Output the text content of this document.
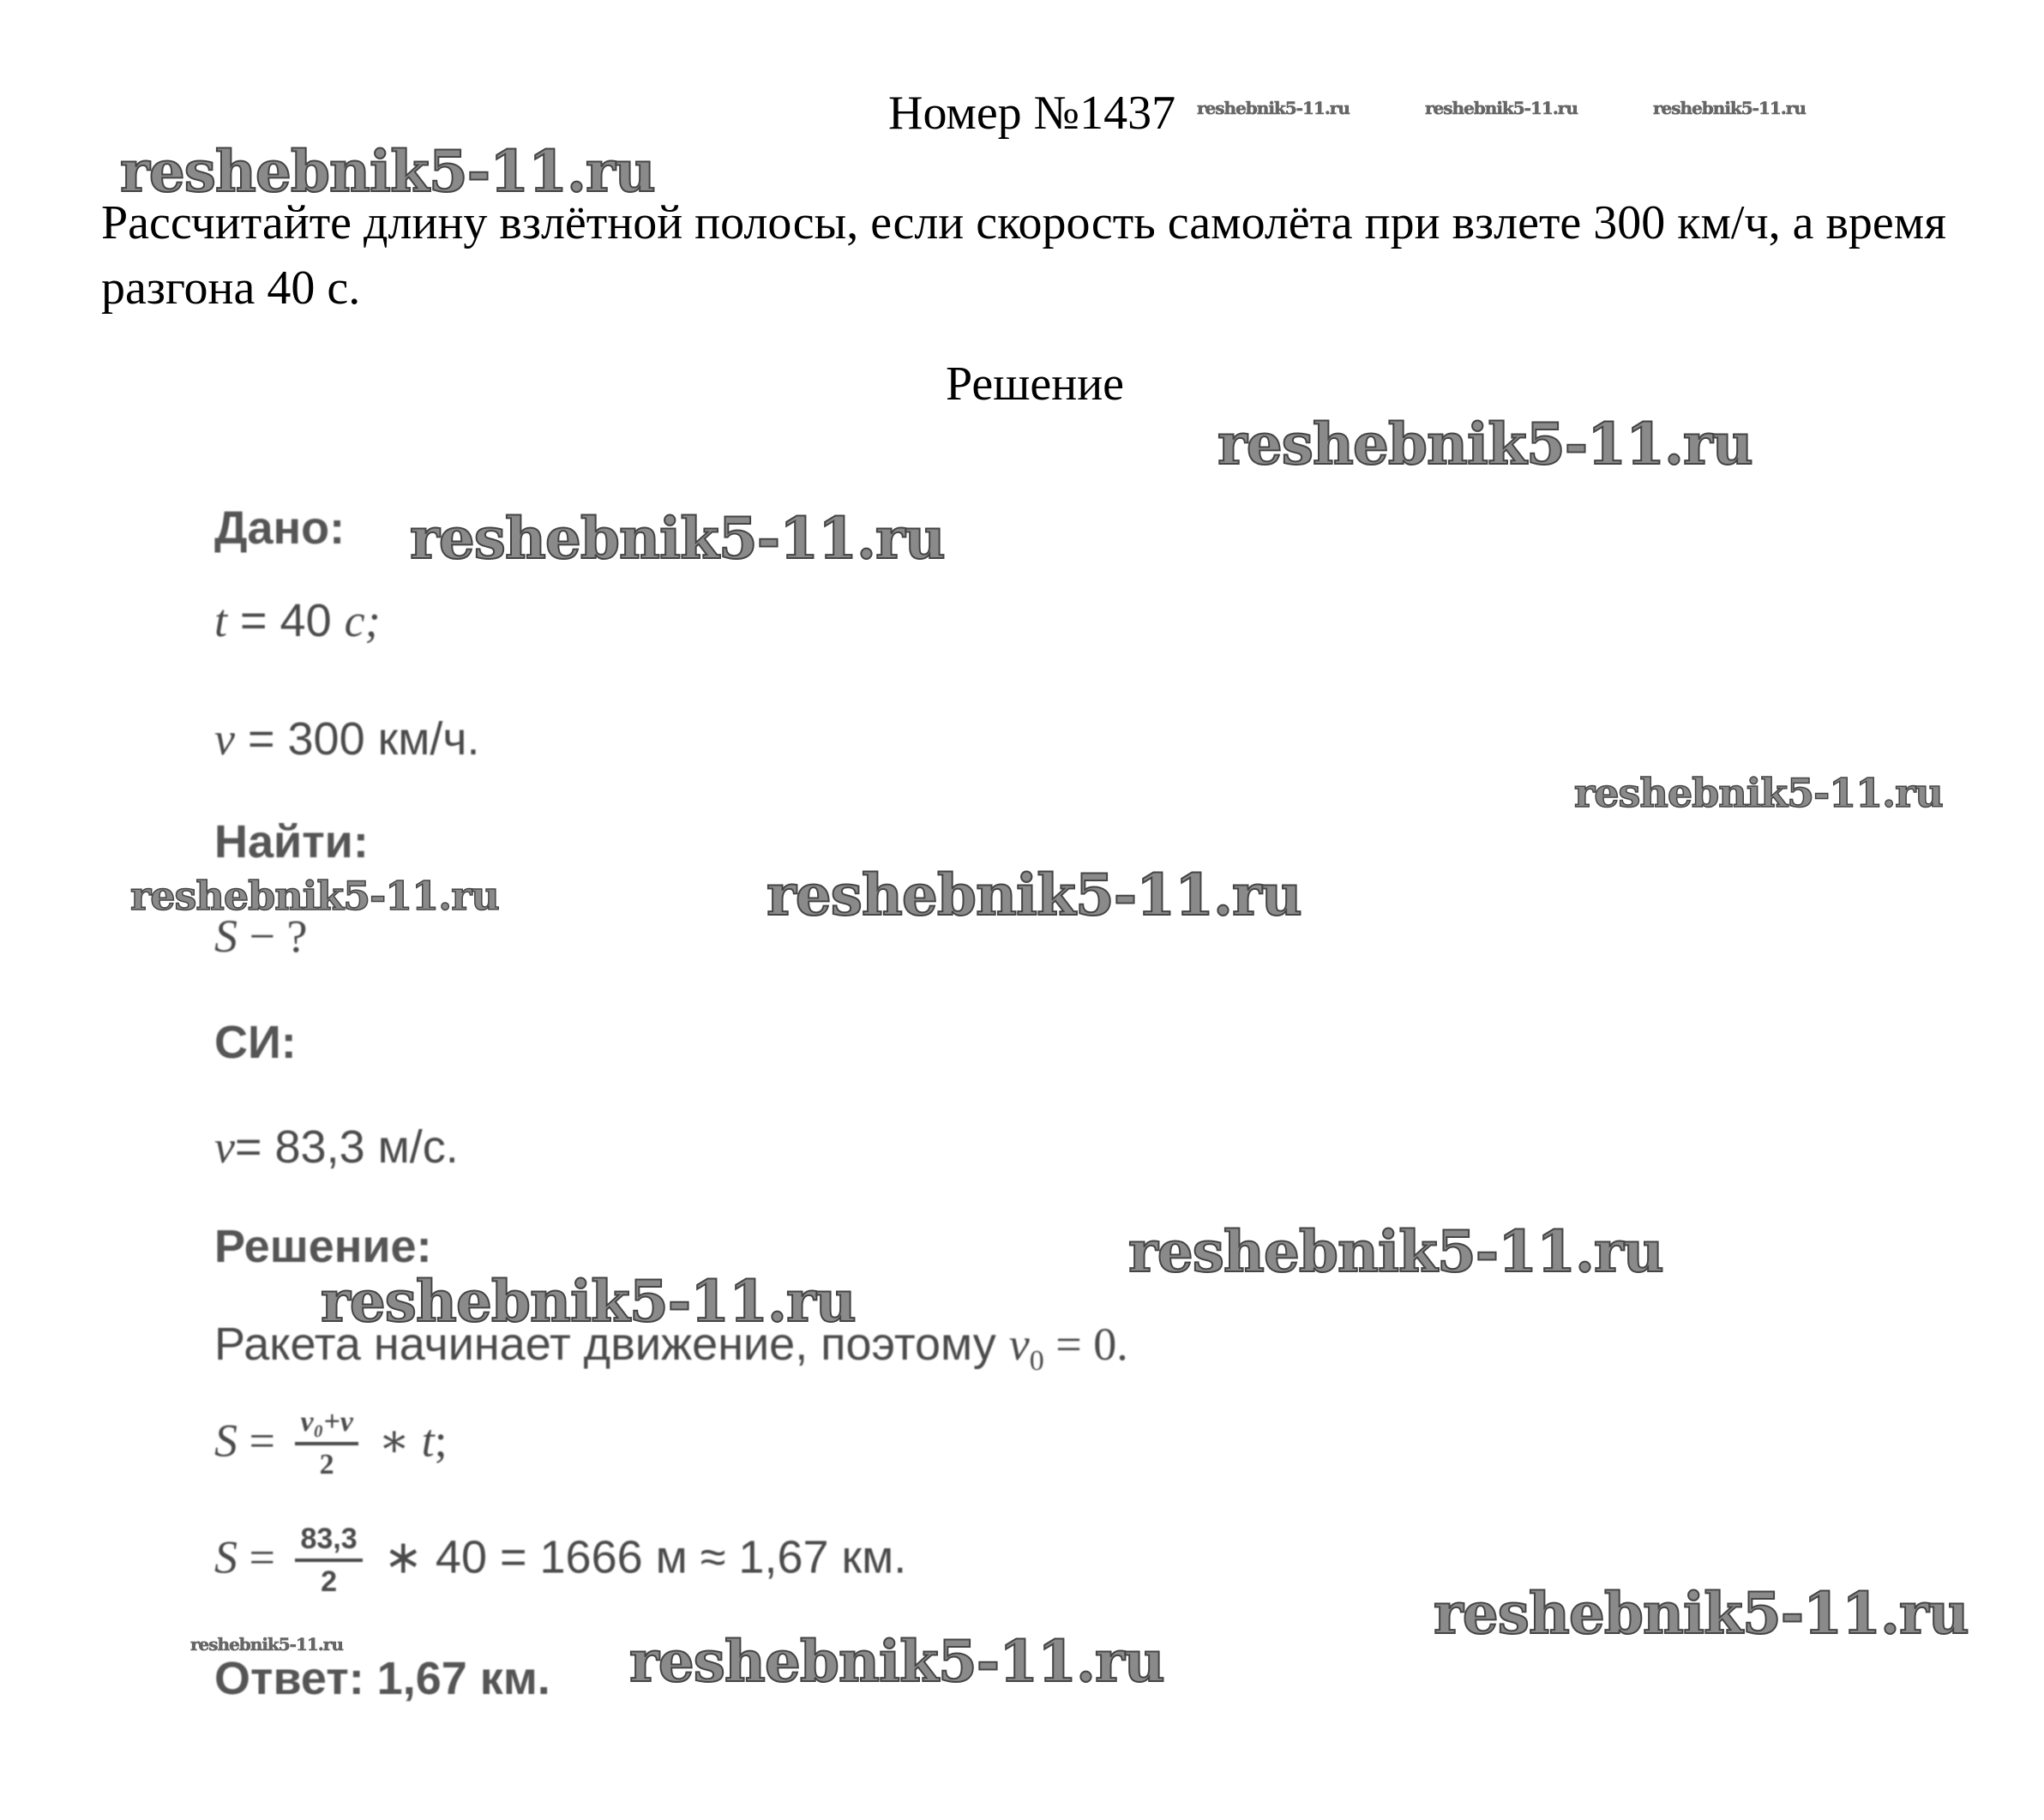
Номер №1437
Рассчитайте длину взлётной полосы, если скорость самолёта при взлете 300 км/ч, а время разгона 40 с.
Решение
Дано:
t = 40 с;
v = 300 км/ч.
Найти:
S − ?
СИ:
v= 83,3 м/с.
Решение:
Ракета начинает движение, поэтому $v_0 = 0$.
$S = \frac{\text{v₀+v}}{2}$ ∗ t;
$S = \frac{83,3}{2}$ ∗ 40 = 1666 м ≈ 1,67 км.
Ответ: 1,67 км.
reshebnik5-11.ru	reshebnik5-11.ru	reshebnik5-11.ru
reshebnik5-11.ru
reshebnik5-11.ru
reshebnik5-11.ru
reshebnik5-11.ru
reshebnik5-11.ru	reshebnik5-11.ru
reshebnik5-11.ru
reshebnik5-11.ru
reshebnik5-11.ru
reshebnik5-11.ru	reshebnik5-11.ru
